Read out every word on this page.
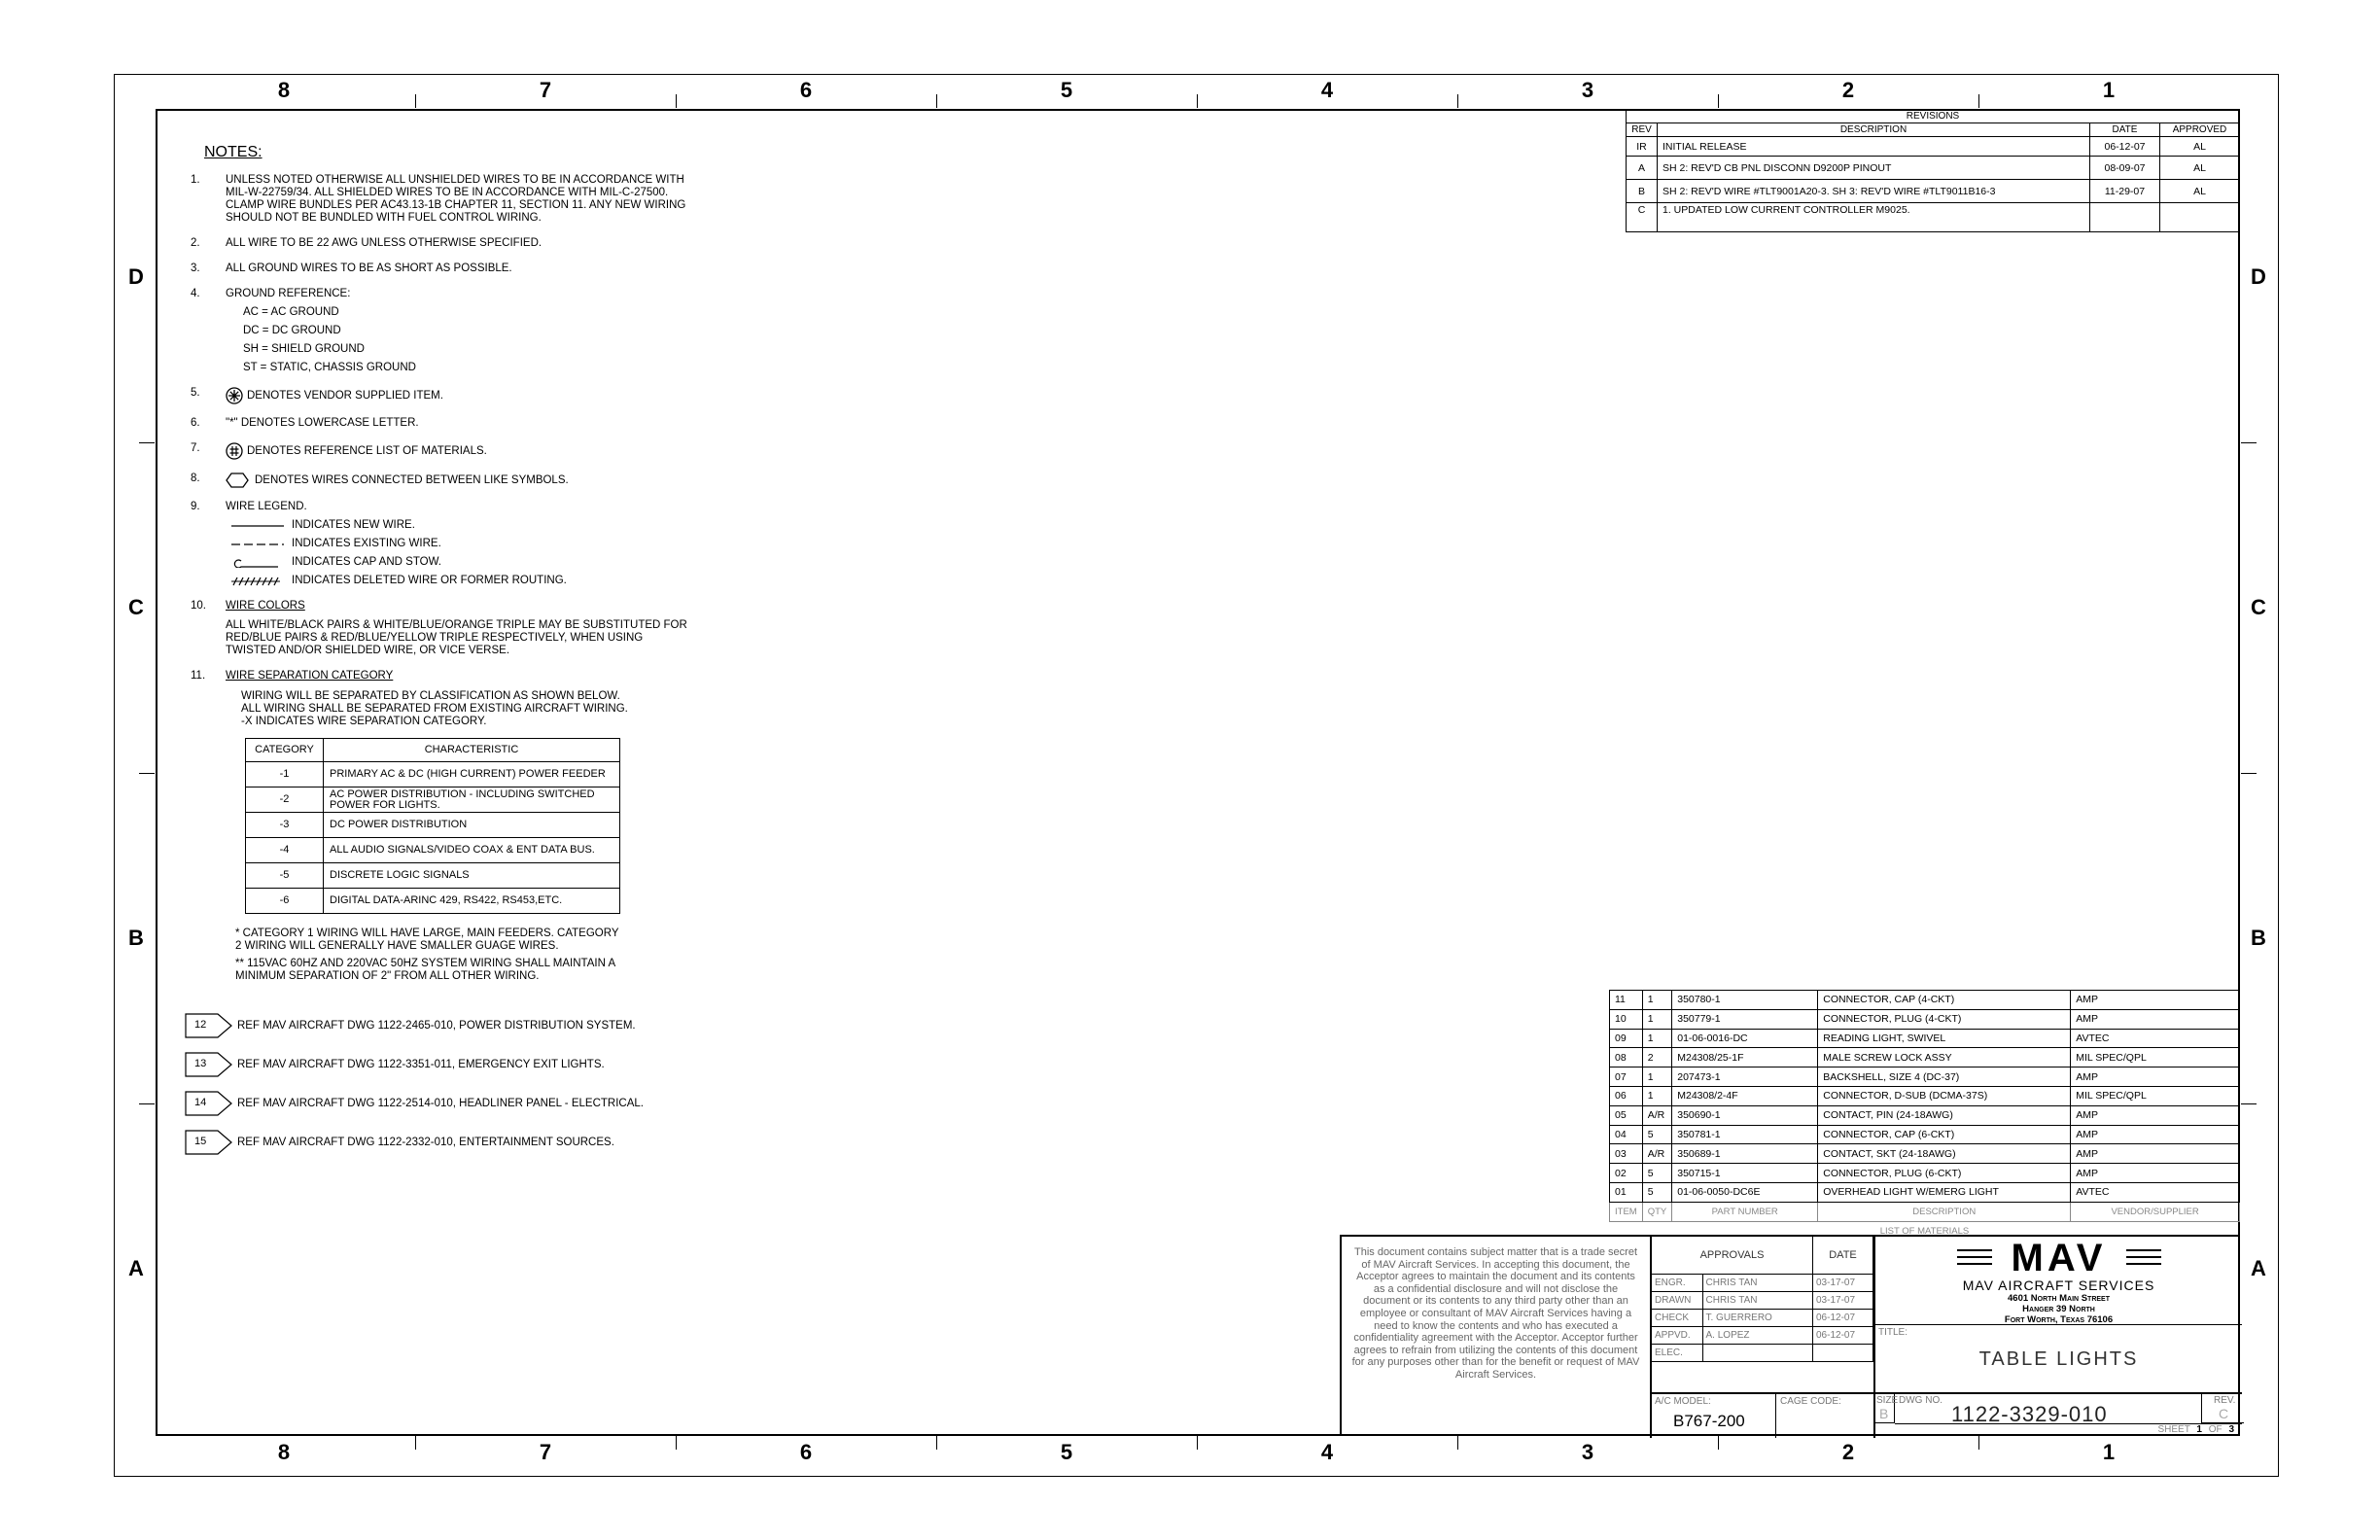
8	7	6	5	4	3	2	1
8	7	6	5	4	3	2	1
D
C
B
A
D
C
B
A
NOTES:
1. UNLESS NOTED OTHERWISE ALL UNSHIELDED WIRES TO BE IN ACCORDANCE WITH MIL-W-22759/34. ALL SHIELDED WIRES TO BE IN ACCORDANCE WITH MIL-C-27500. CLAMP WIRE BUNDLES PER AC43.13-1B CHAPTER 11, SECTION 11. ANY NEW WIRING SHOULD NOT BE BUNDLED WITH FUEL CONTROL WIRING.
2. ALL WIRE TO BE 22 AWG UNLESS OTHERWISE SPECIFIED.
3. ALL GROUND WIRES TO BE AS SHORT AS POSSIBLE.
4. GROUND REFERENCE:
AC = AC GROUND
DC = DC GROUND
SH = SHIELD GROUND
ST = STATIC, CHASSIS GROUND
5.	DENOTES VENDOR SUPPLIED ITEM.
6. "*" DENOTES LOWERCASE LETTER.
7.	DENOTES REFERENCE LIST OF MATERIALS.
8.	DENOTES WIRES CONNECTED BETWEEN LIKE SYMBOLS.
9. WIRE LEGEND.
INDICATES NEW WIRE.
INDICATES EXISTING WIRE.
INDICATES CAP AND STOW.
INDICATES DELETED WIRE OR FORMER ROUTING.
10. WIRE COLORS
ALL WHITE/BLACK PAIRS & WHITE/BLUE/ORANGE TRIPLE MAY BE SUBSTITUTED FOR RED/BLUE PAIRS & RED/BLUE/YELLOW TRIPLE RESPECTIVELY, WHEN USING TWISTED AND/OR SHIELDED WIRE, OR VICE VERSE.
11. WIRE SEPARATION CATEGORY
WIRING WILL BE SEPARATED BY CLASSIFICATION AS SHOWN BELOW.
ALL WIRING SHALL BE SEPARATED FROM EXISTING AIRCRAFT WIRING.
-X INDICATES WIRE SEPARATION CATEGORY.
CATEGORY	CHARACTERISTIC
-1	PRIMARY AC & DC (HIGH CURRENT) POWER FEEDER
-2	AC POWER DISTRIBUTION - INCLUDING SWITCHED POWER FOR LIGHTS.
-3	DC POWER DISTRIBUTION
-4	ALL AUDIO SIGNALS/VIDEO COAX & ENT DATA BUS.
-5	DISCRETE LOGIC SIGNALS
-6	DIGITAL DATA-ARINC 429, RS422, RS453,ETC.
* CATEGORY 1 WIRING WILL HAVE LARGE, MAIN FEEDERS. CATEGORY 2 WIRING WILL GENERALLY HAVE SMALLER GUAGE WIRES.
** 115VAC 60HZ AND 220VAC 50HZ SYSTEM WIRING SHALL MAINTAIN A MINIMUM SEPARATION OF 2" FROM ALL OTHER WIRING.
12	REF MAV AIRCRAFT DWG 1122-2465-010, POWER DISTRIBUTION SYSTEM.
13	REF MAV AIRCRAFT DWG 1122-3351-011, EMERGENCY EXIT LIGHTS.
14	REF MAV AIRCRAFT DWG 1122-2514-010, HEADLINER PANEL - ELECTRICAL.
15	REF MAV AIRCRAFT DWG 1122-2332-010, ENTERTAINMENT SOURCES.
REVISIONS			
REV	DESCRIPTION	DATE	APPROVED
IR	INITIAL RELEASE	06-12-07	AL
A	SH 2: REV'D CB PNL DISCONN D9200P PINOUT	08-09-07	AL
B	SH 2: REV'D WIRE #TLT9001A20-3. SH 3: REV'D WIRE #TLT9011B16-3	11-29-07	AL
C	1. UPDATED LOW CURRENT CONTROLLER M9025.		
11	1	350780-1	CONNECTOR, CAP (4-CKT)	AMP
10	1	350779-1	CONNECTOR, PLUG (4-CKT)	AMP
09	1	01-06-0016-DC	READING LIGHT, SWIVEL	AVTEC
08	2	M24308/25-1F	MALE SCREW LOCK ASSY	MIL SPEC/QPL
07	1	207473-1	BACKSHELL, SIZE 4 (DC-37)	AMP
06	1	M24308/2-4F	CONNECTOR, D-SUB (DCMA-37S)	MIL SPEC/QPL
05	A/R	350690-1	CONTACT, PIN (24-18AWG)	AMP
04	5	350781-1	CONNECTOR, CAP (6-CKT)	AMP
03	A/R	350689-1	CONTACT, SKT (24-18AWG)	AMP
02	5	350715-1	CONNECTOR, PLUG (6-CKT)	AMP
01	5	01-06-0050-DC6E	OVERHEAD LIGHT W/EMERG LIGHT	AVTEC
ITEM	QTY	PART NUMBER	DESCRIPTION	VENDOR/SUPPLIER
LIST OF MATERIALS				
This document contains subject matter that is a trade secret of MAV Aircraft Services. In accepting this document, the Acceptor agrees to maintain the document and its contents as a confidential disclosure and will not disclose the document or its contents to any third party other than an employee or consultant of MAV Aircraft Services having a need to know the contents and who has executed a confidentiality agreement with the Acceptor. Acceptor further agrees to refrain from utilizing the contents of this document for any purposes other than for the benefit or request of MAV Aircraft Services.
APPROVALS		DATE
ENGR.	CHRIS TAN	03-17-07
DRAWN	CHRIS TAN	03-17-07
CHECK	T. GUERRERO	06-12-07
APPVD.	A. LOPEZ	06-12-07
ELEC.		
MAV
MAV AIRCRAFT SERVICES
4601 North Main Street
Hanger 39 North
Fort Worth, Texas 76106
TITLE:
TABLE LIGHTS
A/C MODEL:
B767-200
CAGE CODE:	SIZE
B
DWG NO.
1122-3329-010
REV.
C
SHEET 1 OF 3
